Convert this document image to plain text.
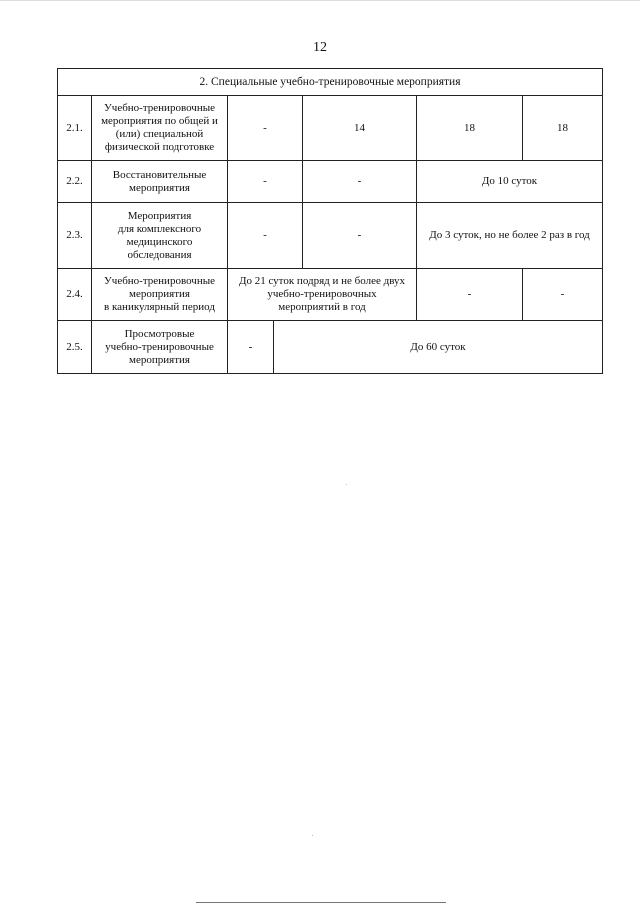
12
2. Специальные учебно-тренировочные мероприятия						
2.1.	Учебно-тренировочные
мероприятия по общей и
(или) специальной
физической подготовке	-		14	18	18
2.2.	Восстановительные
мероприятия	-		-	До 10 суток	
2.3.	Мероприятия
для комплексного
медицинского
обследования	-		-	До 3 суток, но не более 2 раз в год	
2.4.	Учебно-тренировочные
мероприятия
в каникулярный период	До 21 суток подряд и не более двух
учебно-тренировочных
мероприятий в год			-	-
2.5.	Просмотровые
учебно-тренировочные
мероприятия	-	До 60 суток			
